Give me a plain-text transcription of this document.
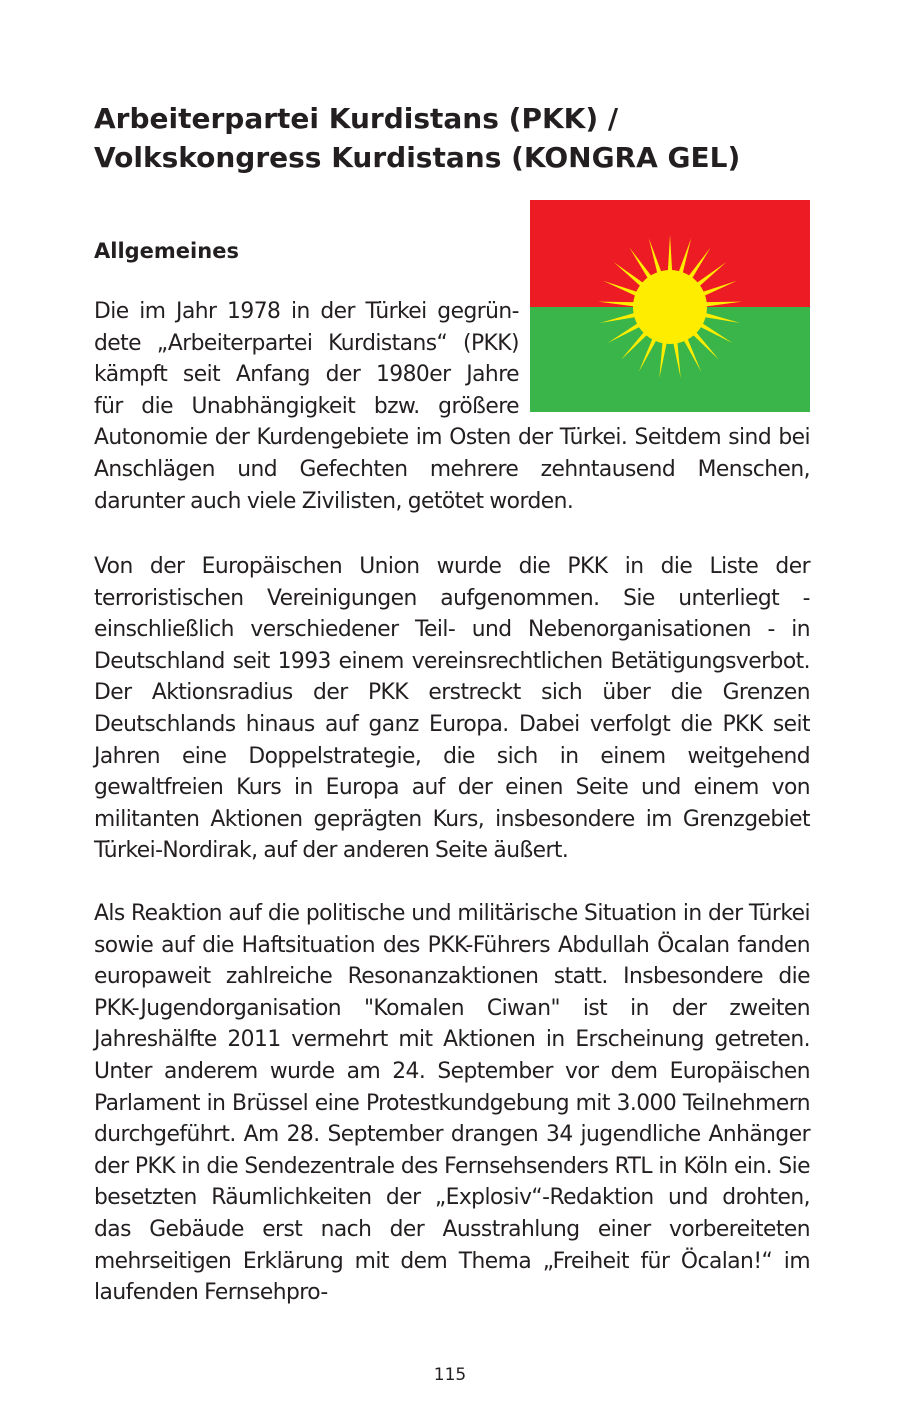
Arbeiterpartei Kurdistans (PKK) / Volkskongress Kurdistans (KONGRA GEL)
Allgemeines

Die im Jahr 1978 in der Türkei gegrün-
dete „Arbeiterpartei Kurdistans“ (PKK)
kämpft seit Anfang der 1980er Jahre
für die Unabhängigkeit bzw. größere
Autonomie der Kurdengebiete im Osten der Türkei. Seitdem sind bei Anschlägen und Gefechten mehrere zehntausend Menschen, darunter auch viele Zivilisten, getötet worden.

Von der Europäischen Union wurde die PKK in die Liste der terroristischen Vereinigungen aufgenommen. Sie unterliegt - einschließlich verschiedener Teil- und Nebenorganisationen - in Deutschland seit 1993 einem vereinsrechtlichen Betätigungsverbot. Der Aktionsradius der PKK erstreckt sich über die Grenzen Deutschlands hinaus auf ganz Europa. Dabei verfolgt die PKK seit Jahren eine Doppelstrategie, die sich in einem weitgehend gewaltfreien Kurs in Europa auf der einen Seite und einem von militanten Aktionen geprägten Kurs, insbesondere im Grenzgebiet Türkei-Nordirak, auf der anderen Seite äußert.

Als Reaktion auf die politische und militärische Situation in der Türkei sowie auf die Haftsituation des PKK-Führers Abdullah Öcalan fanden europaweit zahlreiche Resonanzaktionen statt. Insbesondere die PKK-Jugendorganisation "Komalen Ciwan" ist in der zweiten Jahreshälfte 2011 vermehrt mit Aktionen in Erscheinung getreten. Unter anderem wurde am 24. September vor dem Europäischen Parlament in Brüssel eine Protestkundgebung mit 3.000 Teilnehmern durchgeführt. Am 28. September drangen 34 jugendliche Anhänger der PKK in die Sendezentrale des Fernsehsenders RTL in Köln ein. Sie besetzten Räumlichkeiten der „Explosiv“-Redaktion und drohten, das Gebäude erst nach der Ausstrahlung einer vorbereiteten mehrseitigen Erklärung mit dem Thema „Freiheit für Öcalan!“ im laufenden Fernsehpro-

115
